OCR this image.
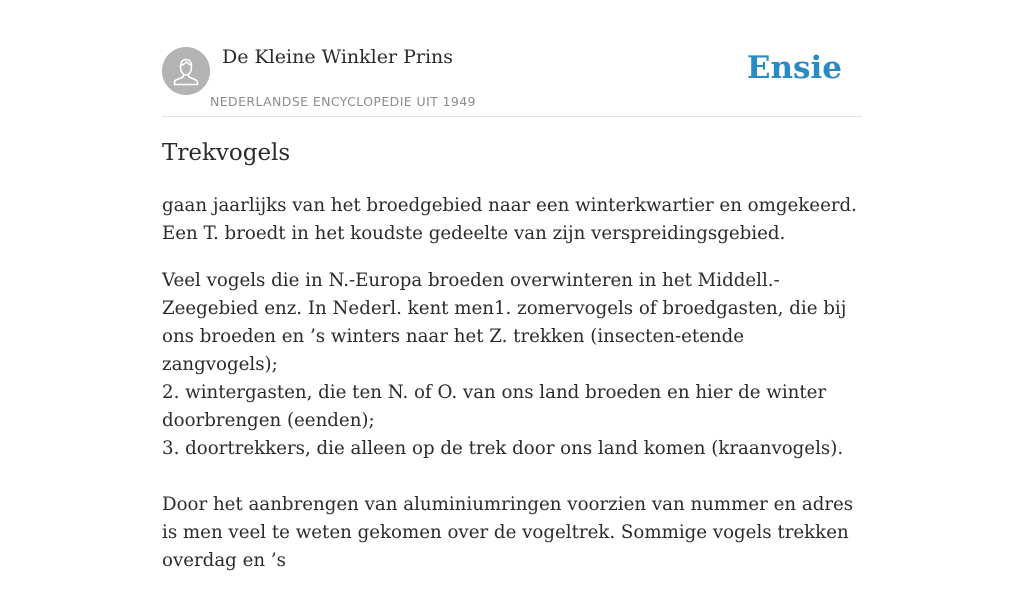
De Kleine Winkler Prins
NEDERLANDSE ENCYCLOPEDIE UIT 1949
Ensie
Trekvogels

gaan jaarlijks van het broedgebied naar een winterkwartier en omgekeerd. Een T. broedt in het koudste gedeelte van zijn verspreidingsgebied.

Veel vogels die in N.-Europa broeden overwinteren in het Middell.-Zeegebied enz. In Nederl. kent men1. zomervogels of broedgasten, die bij ons broeden en ’s winters naar het Z. trekken (insecten-etende zangvogels);
2. wintergasten, die ten N. of O. van ons land broeden en hier de winter doorbrengen (eenden);
3. doortrekkers, die alleen op de trek door ons land komen (kraanvogels).

Door het aanbrengen van aluminiumringen voorzien van nummer en adres is men veel te weten gekomen over de vogeltrek. Sommige vogels trekken overdag en ’s
